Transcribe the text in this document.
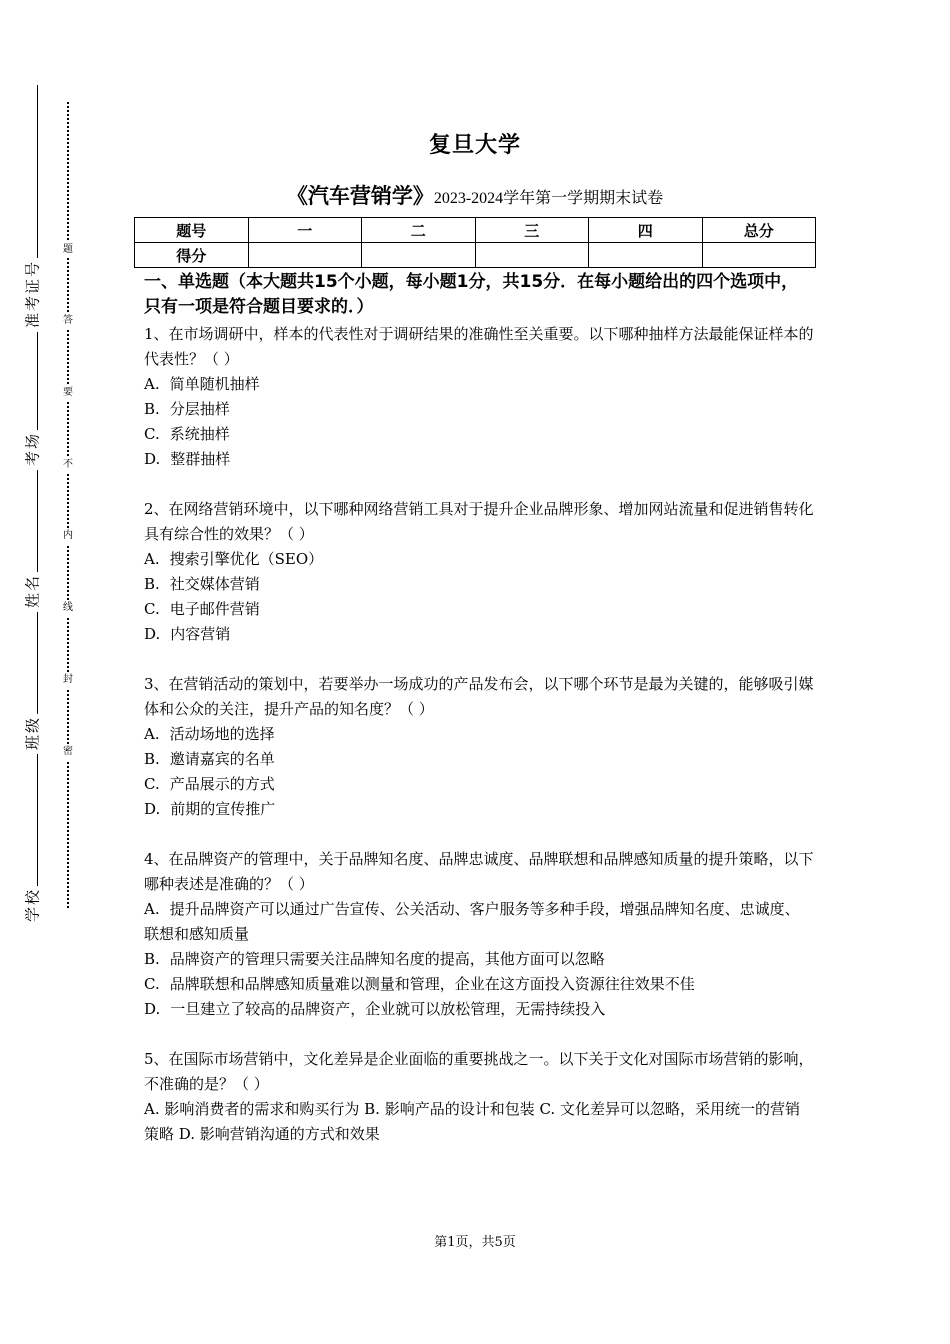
号
证
考
准
场
考
名
姓
级
班
校
学
题
答
要
不
内
线
封
密
复旦大学
《汽车营销学》2023-2024学年第一学期期末试卷
题号	一	二	三	四	总分
得分					
一、单选题（本大题共15个小题，每小题1分，共15分．在每小题给出的四个选项中，只有一项是符合题目要求的．）
1、在市场调研中，样本的代表性对于调研结果的准确性至关重要。以下哪种抽样方法最能保证样本的代表性？（ ）
A. 简单随机抽样
B. 分层抽样
C. 系统抽样
D. 整群抽样
2、在网络营销环境中，以下哪种网络营销工具对于提升企业品牌形象、增加网站流量和促进销售转化具有综合性的效果？（ ）
A. 搜索引擎优化（SEO）
B. 社交媒体营销
C. 电子邮件营销
D. 内容营销
3、在营销活动的策划中，若要举办一场成功的产品发布会，以下哪个环节是最为关键的，能够吸引媒体和公众的关注，提升产品的知名度？（ ）
A. 活动场地的选择
B. 邀请嘉宾的名单
C. 产品展示的方式
D. 前期的宣传推广
4、在品牌资产的管理中，关于品牌知名度、品牌忠诚度、品牌联想和品牌感知质量的提升策略，以下哪种表述是准确的？（ ）
A. 提升品牌资产可以通过广告宣传、公关活动、客户服务等多种手段，增强品牌知名度、忠诚度、联想和感知质量
B. 品牌资产的管理只需要关注品牌知名度的提高，其他方面可以忽略
C. 品牌联想和品牌感知质量难以测量和管理，企业在这方面投入资源往往效果不佳
D. 一旦建立了较高的品牌资产，企业就可以放松管理，无需持续投入
5、在国际市场营销中，文化差异是企业面临的重要挑战之一。以下关于文化对国际市场营销的影响，不准确的是？（ ）
A. 影响消费者的需求和购买行为 B. 影响产品的设计和包装 C. 文化差异可以忽略，采用统一的营销策略 D. 影响营销沟通的方式和效果
第1页，共5页
